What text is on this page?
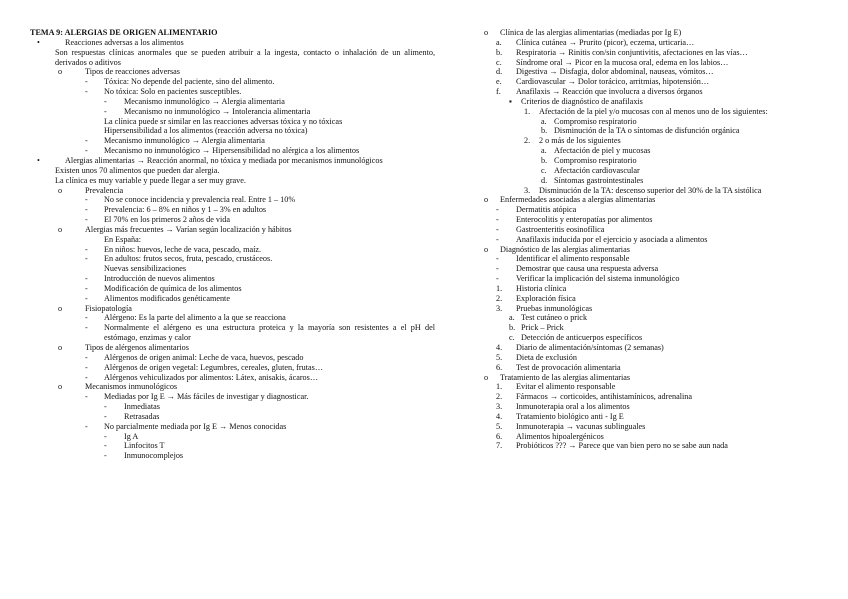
TEMA 9: ALERGIAS DE ORIGEN ALIMENTARIO
•	Reacciones adversas a los alimentos
Son respuestas clínicas anormales que se pueden atribuir a la ingesta, contacto o inhalación de un alimento, derivados o aditivos
o	Tipos de reacciones adversas
- Tóxica: No depende del paciente, sino del alimento.
- No tóxica: Solo en pacientes susceptibles.
- Mecanismo inmunológico → Alergia alimentaria
- Mecanismo no inmunológico → Intolerancia alimentaria
La clínica puede sr similar en las reacciones adversas tóxica y no tóxicas
Hipersensibilidad a los alimentos (reacción adversa no tóxica)
- Mecanismo inmunológico → Alergia alimentaria
- Mecanismo no inmunológico → Hipersensibilidad no alérgica a los alimentos
•	Alergias alimentarias → Reacción anormal, no tóxica y mediada por mecanismos inmunológicos
Existen unos 70 alimentos que pueden dar alergia.
La clínica es muy variable y puede llegar a ser muy grave.
o	Prevalencia
- No se conoce incidencia y prevalencia real. Entre 1 – 10%
- Prevalencia: 6 – 8% en niños y 1 – 3% en adultos
- El 70% en los primeros 2 años de vida
o	Alergias más frecuentes → Varían según localización y hábitos
En España:
- En niños: huevos, leche de vaca, pescado, maíz.
- En adultos: frutos secos, fruta, pescado, crustáceos.
Nuevas sensibilizaciones
- Introducción de nuevos alimentos
- Modificación de química de los alimentos
- Alimentos modificados genéticamente
o	Fisiopatología
- Alérgeno: Es la parte del alimento a la que se reacciona
- Normalmente el alérgeno es una estructura proteica y la mayoría son resistentes a el pH del estómago, enzimas y calor
o	Tipos de alérgenos alimentarios
- Alérgenos de origen animal: Leche de vaca, huevos, pescado
- Alérgenos de origen vegetal: Legumbres, cereales, gluten, frutas…
- Alérgenos vehiculizados por alimentos: Látex, anisakis, ácaros…
o	Mecanismos inmunológicos
- Mediadas por Ig E → Más fáciles de investigar y diagnosticar.
- Inmediatas
- Retrasadas
- No parcialmente mediada por Ig E → Menos conocidas
- Ig A
- Linfocitos T
- Inmunocomplejos
o Clínica de las alergias alimentarias (mediadas por Ig E)
a. Clínica cutánea → Prurito (picor), eczema, urticaria…
b. Respiratoria → Rinitis con/sin conjuntivitis, afectaciones en las vías…
c. Síndrome oral → Picor en la mucosa oral, edema en los labios…
d. Digestiva → Disfagia, dolor abdominal, nauseas, vómitos…
e. Cardiovascular → Dolor torácico, arritmias, hipotensión…
f. Anafilaxis → Reacción que involucra a diversos órganos
▪ Criterios de diagnóstico de anafilaxis
1. Afectación de la piel y/o mucosas con al menos uno de los siguientes:
a. Compromiso respiratorio
b. Disminución de la TA o síntomas de disfunción orgánica
2. 2 o más de los siguientes
a. Afectación de piel y mucosas
b. Compromiso respiratorio
c. Afectación cardiovascular
d. Síntomas gastrointestinales
3. Disminución de la TA: descenso superior del 30% de la TA sistólica
o Enfermedades asociadas a alergias alimentarias
- Dermatitis atópica
- Enterocolitis y enteropatías por alimentos
- Gastroenteritis eosinofílica
- Anafilaxis inducida por el ejercicio y asociada a alimentos
o Diagnóstico de las alergias alimentarias
- Identificar el alimento responsable
- Demostrar que causa una respuesta adversa
- Verificar la implicación del sistema inmunológico
1. Historia clínica
2. Exploración física
3. Pruebas inmunológicas
a. Test cutáneo o prick
b. Prick – Prick
c. Detección de anticuerpos específicos
4. Diario de alimentación/síntomas (2 semanas)
5. Dieta de exclusión
6. Test de provocación alimentaria
o Tratamiento de las alergias alimentarias
1. Evitar el alimento responsable
2. Fármacos → corticoides, antihistamínicos, adrenalina
3. Inmunoterapia oral a los alimentos
4. Tratamiento biológico anti - Ig E
5. Inmunoterapia → vacunas sublinguales
6. Alimentos hipoalergénicos
7. Probióticos ??? → Parece que van bien pero no se sabe aun nada
